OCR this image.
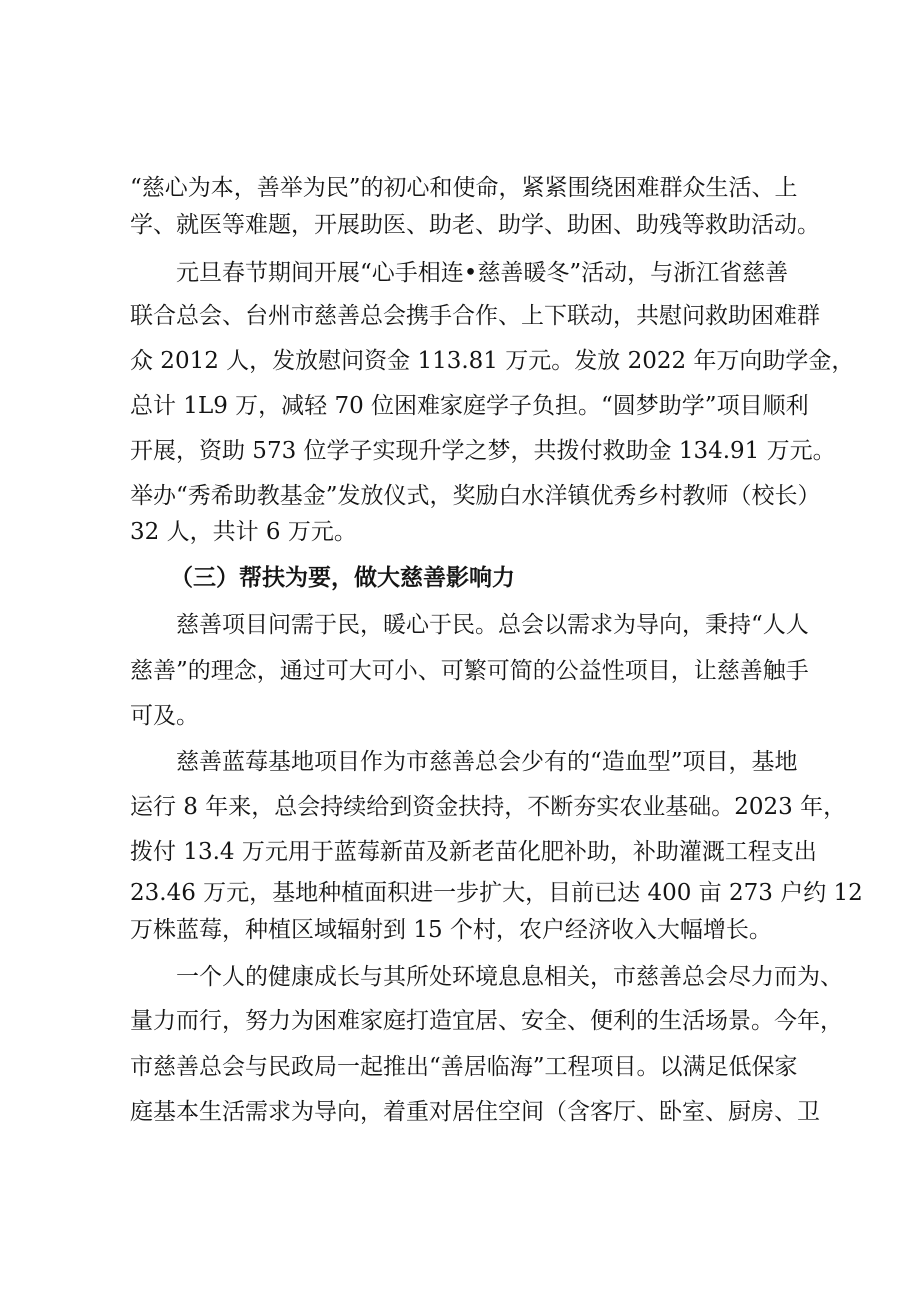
“慈心为本，善举为民”的初心和使命，紧紧围绕困难群众生活、上
学、就医等难题，开展助医、助老、助学、助困、助残等救助活动。
元旦春节期间开展“心手相连•慈善暖冬”活动，与浙江省慈善
联合总会、台州市慈善总会携手合作、上下联动，共慰问救助困难群
众 2012 人，发放慰问资金 113.81 万元。发放 2022 年万向助学金，
总计 1L9 万，减轻 70 位困难家庭学子负担。“圆梦助学”项目顺利
开展，资助 573 位学子实现升学之梦，共拨付救助金 134.91 万元。
举办“秀希助教基金”发放仪式，奖励白水洋镇优秀乡村教师（校长）
32 人，共计 6 万元。
（三）帮扶为要，做大慈善影响力
慈善项目问需于民，暖心于民。总会以需求为导向，秉持“人人
慈善”的理念，通过可大可小、可繁可简的公益性项目，让慈善触手
可及。
慈善蓝莓基地项目作为市慈善总会少有的“造血型”项目，基地
运行 8 年来，总会持续给到资金扶持，不断夯实农业基础。2023 年，
拨付 13.4 万元用于蓝莓新苗及新老苗化肥补助，补助灌溉工程支出
23.46 万元，基地种植面积进一步扩大，目前已达 400 亩 273 户约 12
万株蓝莓，种植区域辐射到 15 个村，农户经济收入大幅增长。
一个人的健康成长与其所处环境息息相关，市慈善总会尽力而为、
量力而行，努力为困难家庭打造宜居、安全、便利的生活场景。今年，
市慈善总会与民政局一起推出“善居临海”工程项目。以满足低保家
庭基本生活需求为导向，着重对居住空间（含客厅、卧室、厨房、卫
